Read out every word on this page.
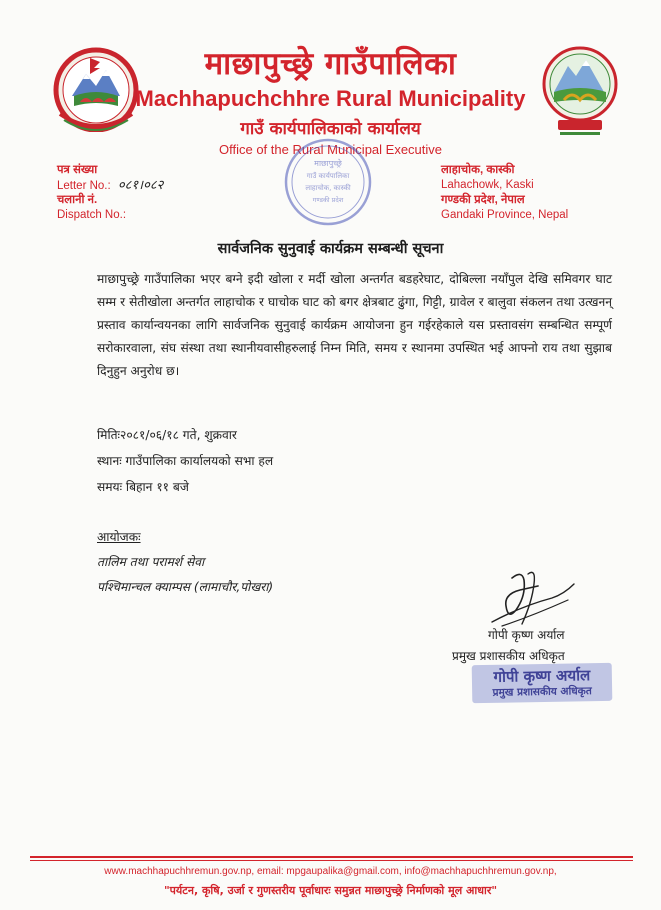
माछापुच्छ्रे गाउँपालिका
Machhapuchchhre Rural Municipality
गाउँ कार्यपालिकाको कार्यालय
Office of the Rural Municipal Executive
पत्र संख्या
Letter No.: ०८१।०८२
चलानी नं.
Dispatch No.:
लाहाचोक, कास्की
Lahachowk, Kaski
गण्डकी प्रदेश, नेपाल
Gandaki Province, Nepal
माछापुच्छ्रे
गाउँ कार्यपालिका
लाहाचोक, कास्की
गण्डकी प्रदेश
सार्वजनिक सुनुवाई कार्यक्रम सम्बन्धी सूचना
माछापुच्छ्रे गाउँपालिका भएर बग्ने इदी खोला र मर्दी खोला अन्तर्गत बडहरेघाट, दोबिल्ला नयाँपुल देखि समिवगर घाट सम्म र सेतीखोला अन्तर्गत लाहाचोक र घाचोक घाट को बगर क्षेत्रबाट ढुंगा, गिट्टी, ग्रावेल र बालुवा संकलन तथा उत्खनन् प्रस्ताव कार्यान्वयनका लागि सार्वजनिक सुनुवाई कार्यक्रम आयोजना हुन गईरहेकाले यस प्रस्तावसंग सम्बन्धित सम्पूर्ण सरोकारवाला, संघ संस्था तथा स्थानीयवासीहरुलाई निम्न मिति, समय र स्थानमा उपस्थित भई आफ्नो राय तथा सुझाब दिनुहुन अनुरोध छ।
मितिः२०८१/०६/१८ गते, शुक्रवार
स्थानः गाउँपालिका कार्यालयको सभा हल
समयः बिहान ११ बजे
आयोजकः
तालिम तथा परामर्श सेवा
पश्चिमान्चल क्याम्पस (लामाचौर,पोखरा)
गोपी कृष्ण अर्याल
प्रमुख प्रशासकीय अधिकृत
गोपी कृष्ण अर्याल
प्रमुख प्रशासकीय अधिकृत
www.machhapuchhremun.gov.np, email: mpgaupalika@gmail.com, info@machhapuchhremun.gov.np,
"पर्यटन, कृषि, उर्जा र गुणस्तरीय पूर्वाधारः समुन्नत माछापुच्छ्रे निर्माणको मूल आधार"
